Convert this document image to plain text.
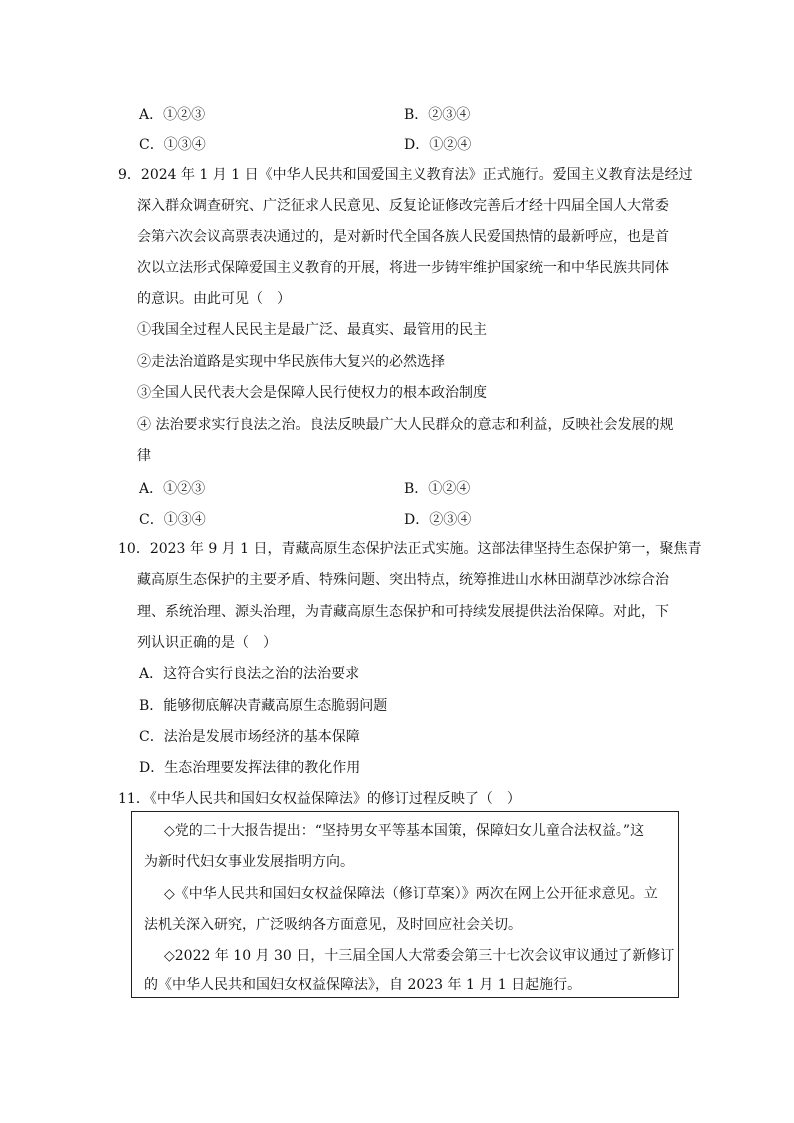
A．①②③	B．②③④
C．①③④	D．①②④
9．2024 年 1 月 1 日《中华人民共和国爱国主义教育法》正式施行。爱国主义教育法是经过
深入群众调查研究、广泛征求人民意见、反复论证修改完善后才经十四届全国人大常委
会第六次会议高票表决通过的，是对新时代全国各族人民爱国热情的最新呼应，也是首
次以立法形式保障爱国主义教育的开展，将进一步铸牢维护国家统一和中华民族共同体
的意识。由此可见（　）
①我国全过程人民民主是最广泛、最真实、最管用的民主
②走法治道路是实现中华民族伟大复兴的必然选择
③全国人民代表大会是保障人民行使权力的根本政治制度
④ 法治要求实行良法之治。良法反映最广大人民群众的意志和利益，反映社会发展的规
律
A．①②③	B．①②④
C．①③④	D．②③④
10．2023 年 9 月 1 日，青藏高原生态保护法正式实施。这部法律坚持生态保护第一，聚焦青
藏高原生态保护的主要矛盾、特殊问题、突出特点，统筹推进山水林田湖草沙冰综合治
理、系统治理、源头治理，为青藏高原生态保护和可持续发展提供法治保障。对此，下
列认识正确的是（　）
A．这符合实行良法之治的法治要求
B．能够彻底解决青藏高原生态脆弱问题
C．法治是发展市场经济的基本保障
D．生态治理要发挥法律的教化作用
11．《中华人民共和国妇女权益保障法》的修订过程反映了（　）
◇党的二十大报告提出：“坚持男女平等基本国策，保障妇女儿童合法权益。”这
为新时代妇女事业发展指明方向。
◇《中华人民共和国妇女权益保障法（修订草案）》两次在网上公开征求意见。立
法机关深入研究，广泛吸纳各方面意见，及时回应社会关切。
◇2022 年 10 月 30 日，十三届全国人大常委会第三十七次会议审议通过了新修订
的《中华人民共和国妇女权益保障法》，自 2023 年 1 月 1 日起施行。
